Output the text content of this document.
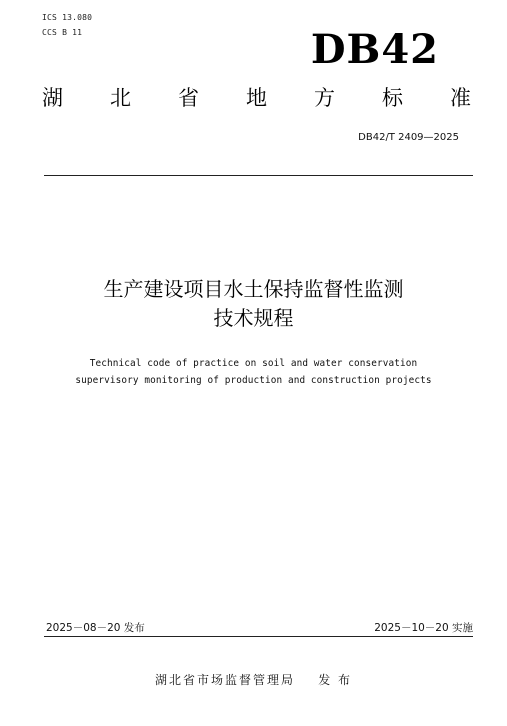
ICS 13.080
CCS B 11	DB42
湖 北 省 地 方 标 准
DB42/T 2409—2025
生产建设项目水土保持监督性监测
技术规程
Technical code of practice on soil and water conservation
supervisory monitoring of production and construction projects
2025－08－20 发布	2025－10－20 实施
湖北省市场监督管理局 发 布
